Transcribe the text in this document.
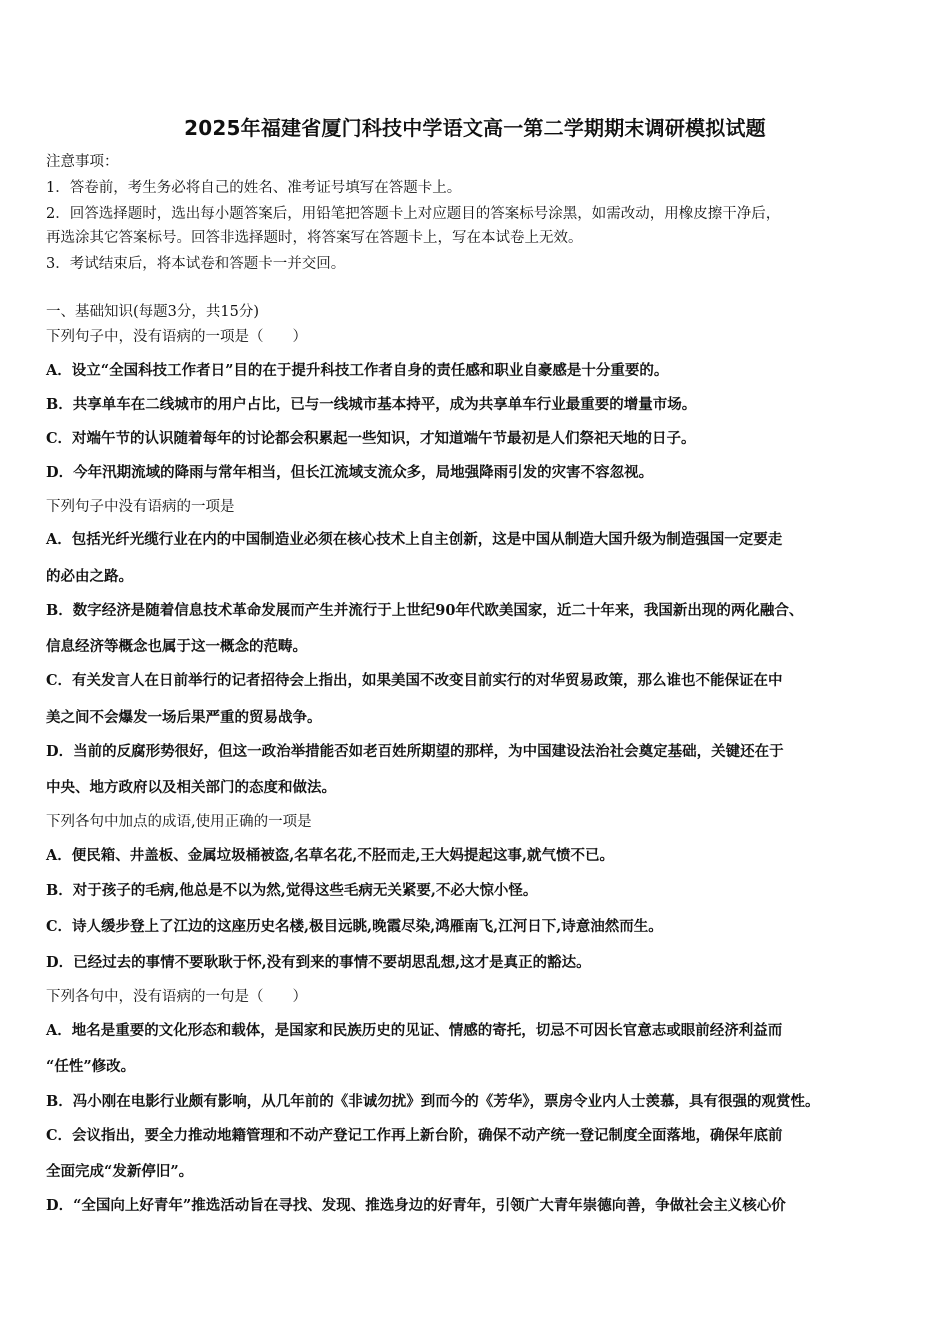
2025年福建省厦门科技中学语文高一第二学期期末调研模拟试题
注意事项：
1．答卷前，考生务必将自己的姓名、准考证号填写在答题卡上。
2．回答选择题时，选出每小题答案后，用铅笔把答题卡上对应题目的答案标号涂黑，如需改动，用橡皮擦干净后，
再选涂其它答案标号。回答非选择题时，将答案写在答题卡上，写在本试卷上无效。
3．考试结束后，将本试卷和答题卡一并交回。
一、基础知识(每题3分，共15分)
下列句子中，没有语病的一项是（　　）
A．设立“全国科技工作者日”目的在于提升科技工作者自身的责任感和职业自豪感是十分重要的。
B．共享单车在二线城市的用户占比，已与一线城市基本持平，成为共享单车行业最重要的增量市场。
C．对端午节的认识随着每年的讨论都会积累起一些知识，才知道端午节最初是人们祭祀天地的日子。
D．今年汛期流域的降雨与常年相当，但长江流域支流众多，局地强降雨引发的灾害不容忽视。
下列句子中没有语病的一项是
A．包括光纤光缆行业在内的中国制造业必须在核心技术上自主创新，这是中国从制造大国升级为制造强国一定要走
的必由之路。
B．数字经济是随着信息技术革命发展而产生并流行于上世纪90年代欧美国家，近二十年来，我国新出现的两化融合、
信息经济等概念也属于这一概念的范畴。
C．有关发言人在日前举行的记者招待会上指出，如果美国不改变目前实行的对华贸易政策，那么谁也不能保证在中
美之间不会爆发一场后果严重的贸易战争。
D．当前的反腐形势很好，但这一政治举措能否如老百姓所期望的那样，为中国建设法治社会奠定基础，关键还在于
中央、地方政府以及相关部门的态度和做法。
下列各句中加点的成语,使用正确的一项是
A．便民箱、井盖板、金属垃圾桶被盗,名草名花,不胫而走,王大妈提起这事,就气愤不已。
B．对于孩子的毛病,他总是不以为然,觉得这些毛病无关紧要,不必大惊小怪。
C．诗人缓步登上了江边的这座历史名楼,极目远眺,晚霞尽染,鸿雁南飞,江河日下,诗意油然而生。
D．已经过去的事情不要耿耿于怀,没有到来的事情不要胡思乱想,这才是真正的豁达。
下列各句中，没有语病的一句是（　　）
A．地名是重要的文化形态和载体，是国家和民族历史的见证、情感的寄托，切忌不可因长官意志或眼前经济利益而
“任性”修改。
B．冯小刚在电影行业颇有影响，从几年前的《非诚勿扰》到而今的《芳华》，票房令业内人士羡慕，具有很强的观赏性。
C．会议指出，要全力推动地籍管理和不动产登记工作再上新台阶，确保不动产统一登记制度全面落地，确保年底前
全面完成“发新停旧”。
D．“全国向上好青年”推选活动旨在寻找、发现、推选身边的好青年，引领广大青年崇德向善，争做社会主义核心价
